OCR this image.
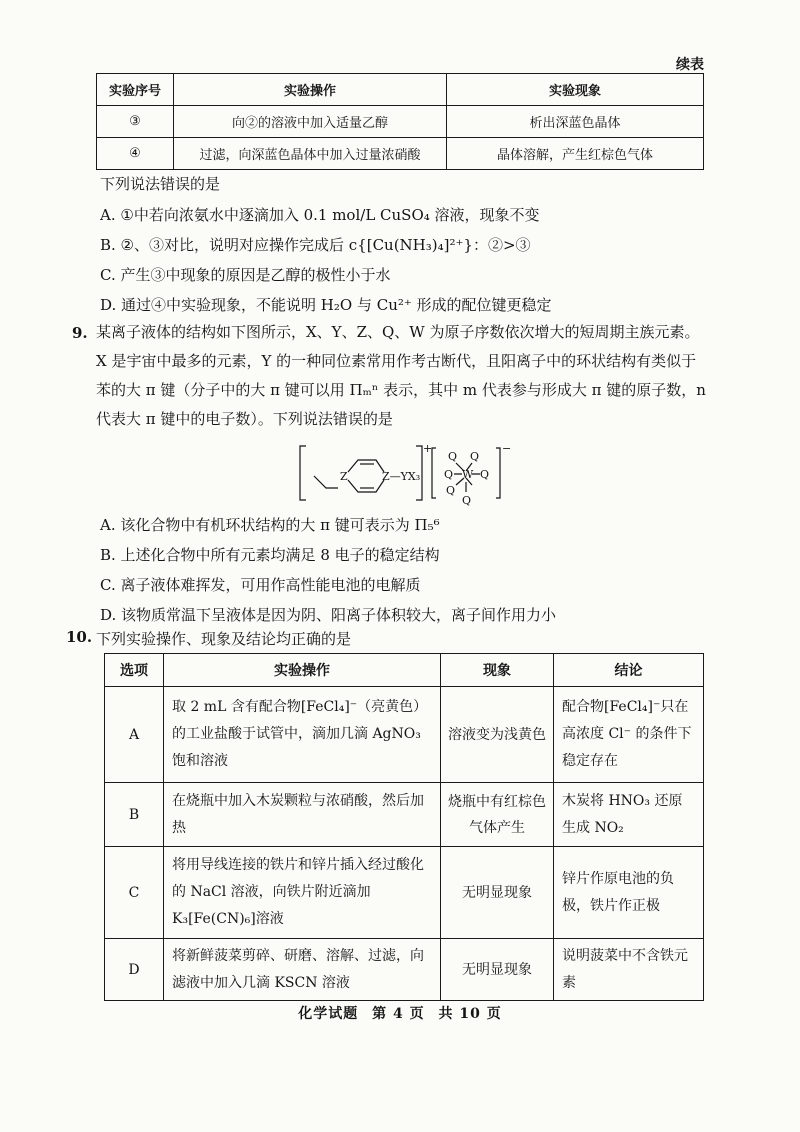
续表
实验序号	实验操作	实验现象
③	向②的溶液中加入适量乙醇	析出深蓝色晶体
④	过滤，向深蓝色晶体中加入过量浓硝酸	晶体溶解，产生红棕色气体
下列说法错误的是
A. ①中若向浓氨水中逐滴加入 0.1 mol/L CuSO₄ 溶液，现象不变
B. ②、③对比，说明对应操作完成后 c{[Cu(NH₃)₄]²⁺}：②>③
C. 产生③中现象的原因是乙醇的极性小于水
D. 通过④中实验现象，不能说明 H₂O 与 Cu²⁺ 形成的配位键更稳定
9. 某离子液体的结构如下图所示，X、Y、Z、Q、W 为原子序数依次增大的短周期主族元素。X 是宇宙中最多的元素，Y 的一种同位素常用作考古断代，且阳离子中的环状结构有类似于苯的大 π 键（分子中的大 π 键可以用 Πₘⁿ 表示，其中 m 代表参与形成大 π 键的原子数，n 代表大 π 键中的电子数）。下列说法错误的是
Z	Z—YX₃
+
W
Q Q
Q Q
Q
Q
−
A. 该化合物中有机环状结构的大 π 键可表示为 Π₅⁶
B. 上述化合物中所有元素均满足 8 电子的稳定结构
C. 离子液体难挥发，可用作高性能电池的电解质
D. 该物质常温下呈液体是因为阴、阳离子体积较大，离子间作用力小
10. 下列实验操作、现象及结论均正确的是
选项	实验操作	现象	结论
A	取 2 mL 含有配合物[FeCl₄]⁻（亮黄色）的工业盐酸于试管中，滴加几滴 AgNO₃ 饱和溶液	溶液变为浅黄色	配合物[FeCl₄]⁻只在高浓度 Cl⁻ 的条件下稳定存在
B	在烧瓶中加入木炭颗粒与浓硝酸，然后加热	烧瓶中有红棕色气体产生	木炭将 HNO₃ 还原生成 NO₂
C	将用导线连接的铁片和锌片插入经过酸化的 NaCl 溶液，向铁片附近滴加 K₃[Fe(CN)₆]溶液	无明显现象	锌片作原电池的负极，铁片作正极
D	将新鲜菠菜剪碎、研磨、溶解、过滤，向滤液中加入几滴 KSCN 溶液	无明显现象	说明菠菜中不含铁元素
化学试题 第 4 页 共 10 页
